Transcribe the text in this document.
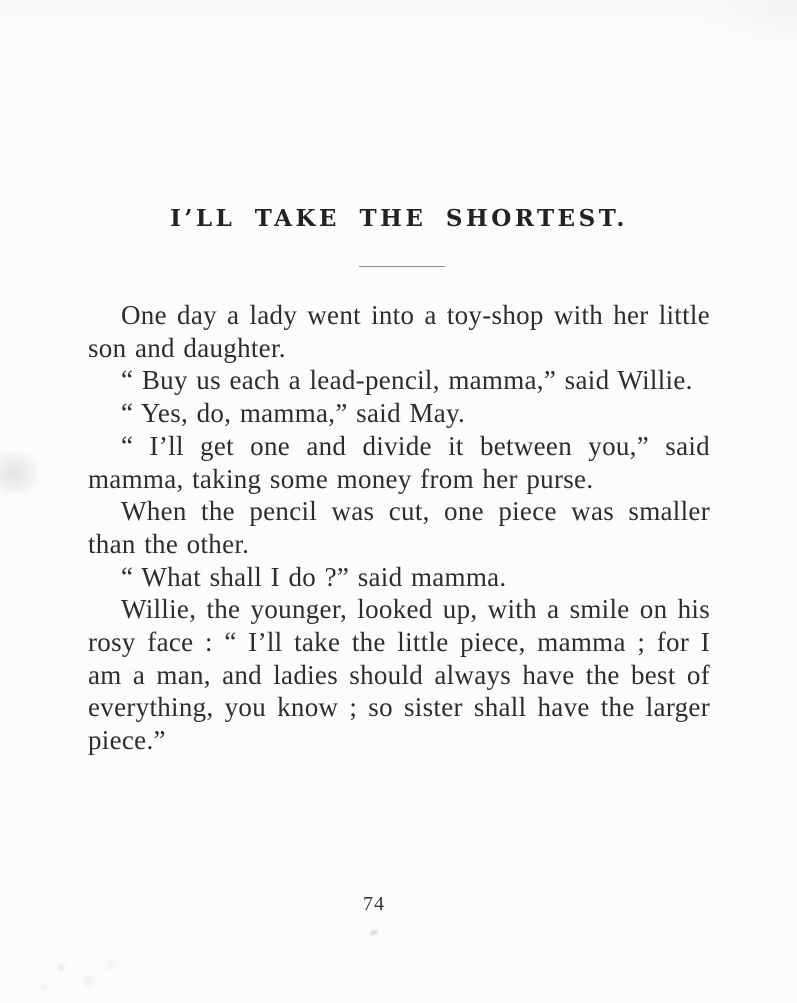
I’LL TAKE THE SHORTEST.

One day a lady went into a toy-shop with her little son and daughter.

“ Buy us each a lead-pencil, mamma,” said Willie.

“ Yes, do, mamma,” said May.

“ I’ll get one and divide it between you,” said mamma, taking some money from her purse.

When the pencil was cut, one piece was smaller than the other.

“ What shall I do ?” said mamma.

Willie, the younger, looked up, with a smile on his rosy face : “ I’ll take the little piece, mamma ; for I am a man, and ladies should always have the best of everything, you know ; so sister shall have the larger piece.”

74
